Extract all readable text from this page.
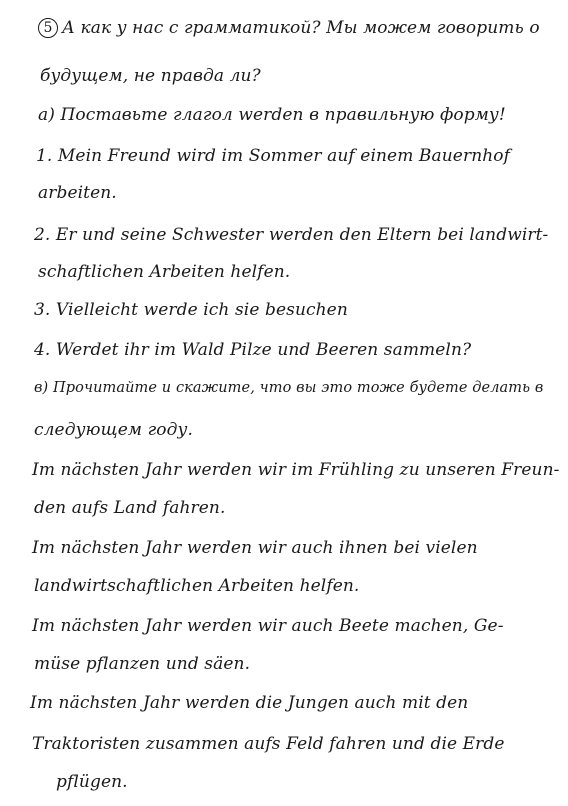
5 А как у нас с грамматикой? Мы можем говорить о
будущем, не правда ли?
а) Поставьте глагол werden в правильную форму!
1. Mein Freund wird im Sommer auf einem Bauernhof
arbeiten.
2. Er und seine Schwester werden den Eltern bei landwirt-
schaftlichen Arbeiten helfen.
3. Vielleicht werde ich sie besuchen
4. Werdet ihr im Wald Pilze und Beeren sammeln?
в) Прочитайте и скажите, что вы это тоже будете делать в
следующем году.
Im nächsten Jahr werden wir im Frühling zu unseren Freun-
den aufs Land fahren.
Im nächsten Jahr werden wir auch ihnen bei vielen
landwirtschaftlichen Arbeiten helfen.
Im nächsten Jahr werden wir auch Beete machen, Ge-
müse pflanzen und säen.
Im nächsten Jahr werden die Jungen auch mit den
Traktoristen zusammen aufs Feld fahren und die Erde
pflügen.
